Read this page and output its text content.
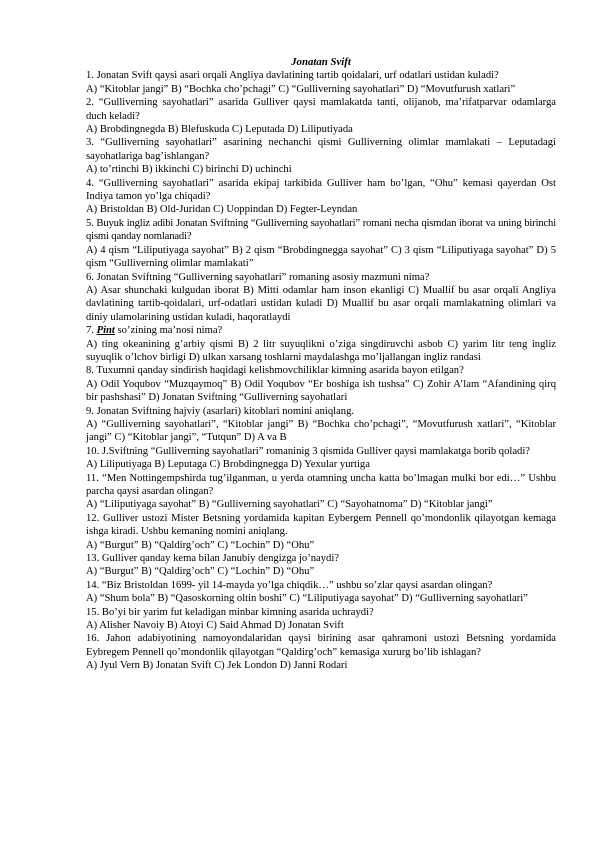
Jonatan Svift

1. Jonatan Svift qaysi asari orqali Angliya davlatining tartib qoidalari, urf odatlari ustidan kuladi?

A) “Kitoblar jangi” B) “Bochka cho’pchagi” C) “Gulliverning sayohatlari” D) “Movutfurush xatlari”

2. “Gulliverning sayohatlari” asarida Gulliver qaysi mamlakatda tanti, olijanob, ma’rifatparvar odamlarga duch keladi?

A) Brobdingnegda B) Blefuskuda C) Leputada D) Liliputiyada

3. “Gulliverning sayohatlari” asarining nechanchi qismi Gulliverning olimlar mamlakati – Leputadagi sayohatlariga bag’ishlangan?

A) to’rtinchi B) ikkinchi C) birinchi D) uchinchi

4. “Gulliverning sayohatlari” asarida ekipaj tarkibida Gulliver ham bo’lgan, “Ohu” kemasi qayerdan Ost Indiya tamon yo’lga chiqadi?

A) Bristoldan B) Old-Juridan C) Uoppindan D) Fegter-Leyndan

5. Buyuk ingliz adibi Jonatan Sviftning “Gulliverning sayohatlari” romani necha qismdan iborat va uning birinchi qismi qanday nomlanadi?

A) 4 qism “Liliputiyaga sayohat” B) 2 qism “Brobdingnegga sayohat” C) 3 qism “Liliputiyaga sayohat” D) 5 qism “Gulliverning olimlar mamlakati”

6. Jonatan Sviftning “Gulliverning sayohatlari” romaning asosiy mazmuni nima?

A) Asar shunchaki kulgudan iborat B) Mitti odamlar ham inson ekanligi C) Muallif bu asar orqali Angliya davlatining tartib-qoidalari, urf-odatlari ustidan kuladi D) Muallif bu asar orqali mamlakatning olimlari va diniy ulamolarining ustidan kuladi, haqoratlaydi

7. Pint so’zining ma’nosi nima?

A) ting okeanining g’arbiy qismi B) 2 litr suyuqlikni o’ziga singdiruvchi asbob C) yarim litr teng ingliz suyuqlik o’lchov birligi D) ulkan xarsang toshlarni maydalashga mo’ljallangan ingliz randasi

8. Tuxumni qanday sindirish haqidagi kelishmovchiliklar kimning asarida bayon etilgan?

A) Odil Yoqubov “Muzqaymoq” B) Odil Yoqubov “Er boshiga ish tushsa” C) Zohir A’lam “Afandining qirq bir pashshasi” D) Jonatan Sviftning “Gulliverning sayohatlari

9. Jonatan Sviftning hajviy (asarlari) kitoblari nomini aniqlang.

A) “Gulliverning sayohatlari”, “Kitoblar jangi” B) “Bochka cho’pchagi”, “Movutfurush xatlari”, “Kitoblar jangi” C) “Kitoblar jangi”, “Tutqun” D) A va B

10. J.Sviftning “Gulliverning sayohatlari” romaninig 3 qismida Gulliver qaysi mamlakatga borib qoladi?

A) Liliputiyaga B) Leputaga C) Brobdingnegga D) Yexular yurtiga

11. “Men Nottingempshirda tug’ilganman, u yerda otamning uncha katta bo’lmagan mulki bor edi…” Ushbu parcha qaysi asardan olingan?

A) “Liliputiyaga sayohat” B) “Gulliverning sayohatlari” C) “Sayohatnoma” D) “Kitoblar jangi”

12. Gulliver ustozi Mister Betsning yordamida kapitan Eybergem Pennell qo’mondonlik qilayotgan kemaga ishga kiradi. Ushbu kemaning nomini aniqlang.

A) “Burgut” B) “Qaldirg’och” C) “Lochin” D) “Ohu”

13. Gulliver qanday kema bilan Janubiy dengizga jo’naydi?

A) “Burgut” B) “Qaldirg’och” C) “Lochin” D) “Ohu”

14. “Biz Bristoldan 1699- yil 14-mayda yo’lga chiqdik…” ushbu so’zlar qaysi asardan olingan?

A) “Shum bola” B) “Qasoskorning oltin boshi” C) “Liliputiyaga sayohat” D) “Gulliverning sayohatlari”

15. Bo’yi bir yarim fut keladigan minbar kimning asarida uchraydi?

A) Alisher Navoiy B) Atoyi C) Said Ahmad D) Jonatan Svift

16. Jahon adabiyotining namoyondalaridan qaysi birining asar qahramoni ustozi Betsning yordamida Eybregem Pennell qo’mondonlik qilayotgan “Qaldirg’och” kemasiga xururg bo’lib ishlagan?

A) Jyul Vern B) Jonatan Svift C) Jek London D) Janni Rodari
